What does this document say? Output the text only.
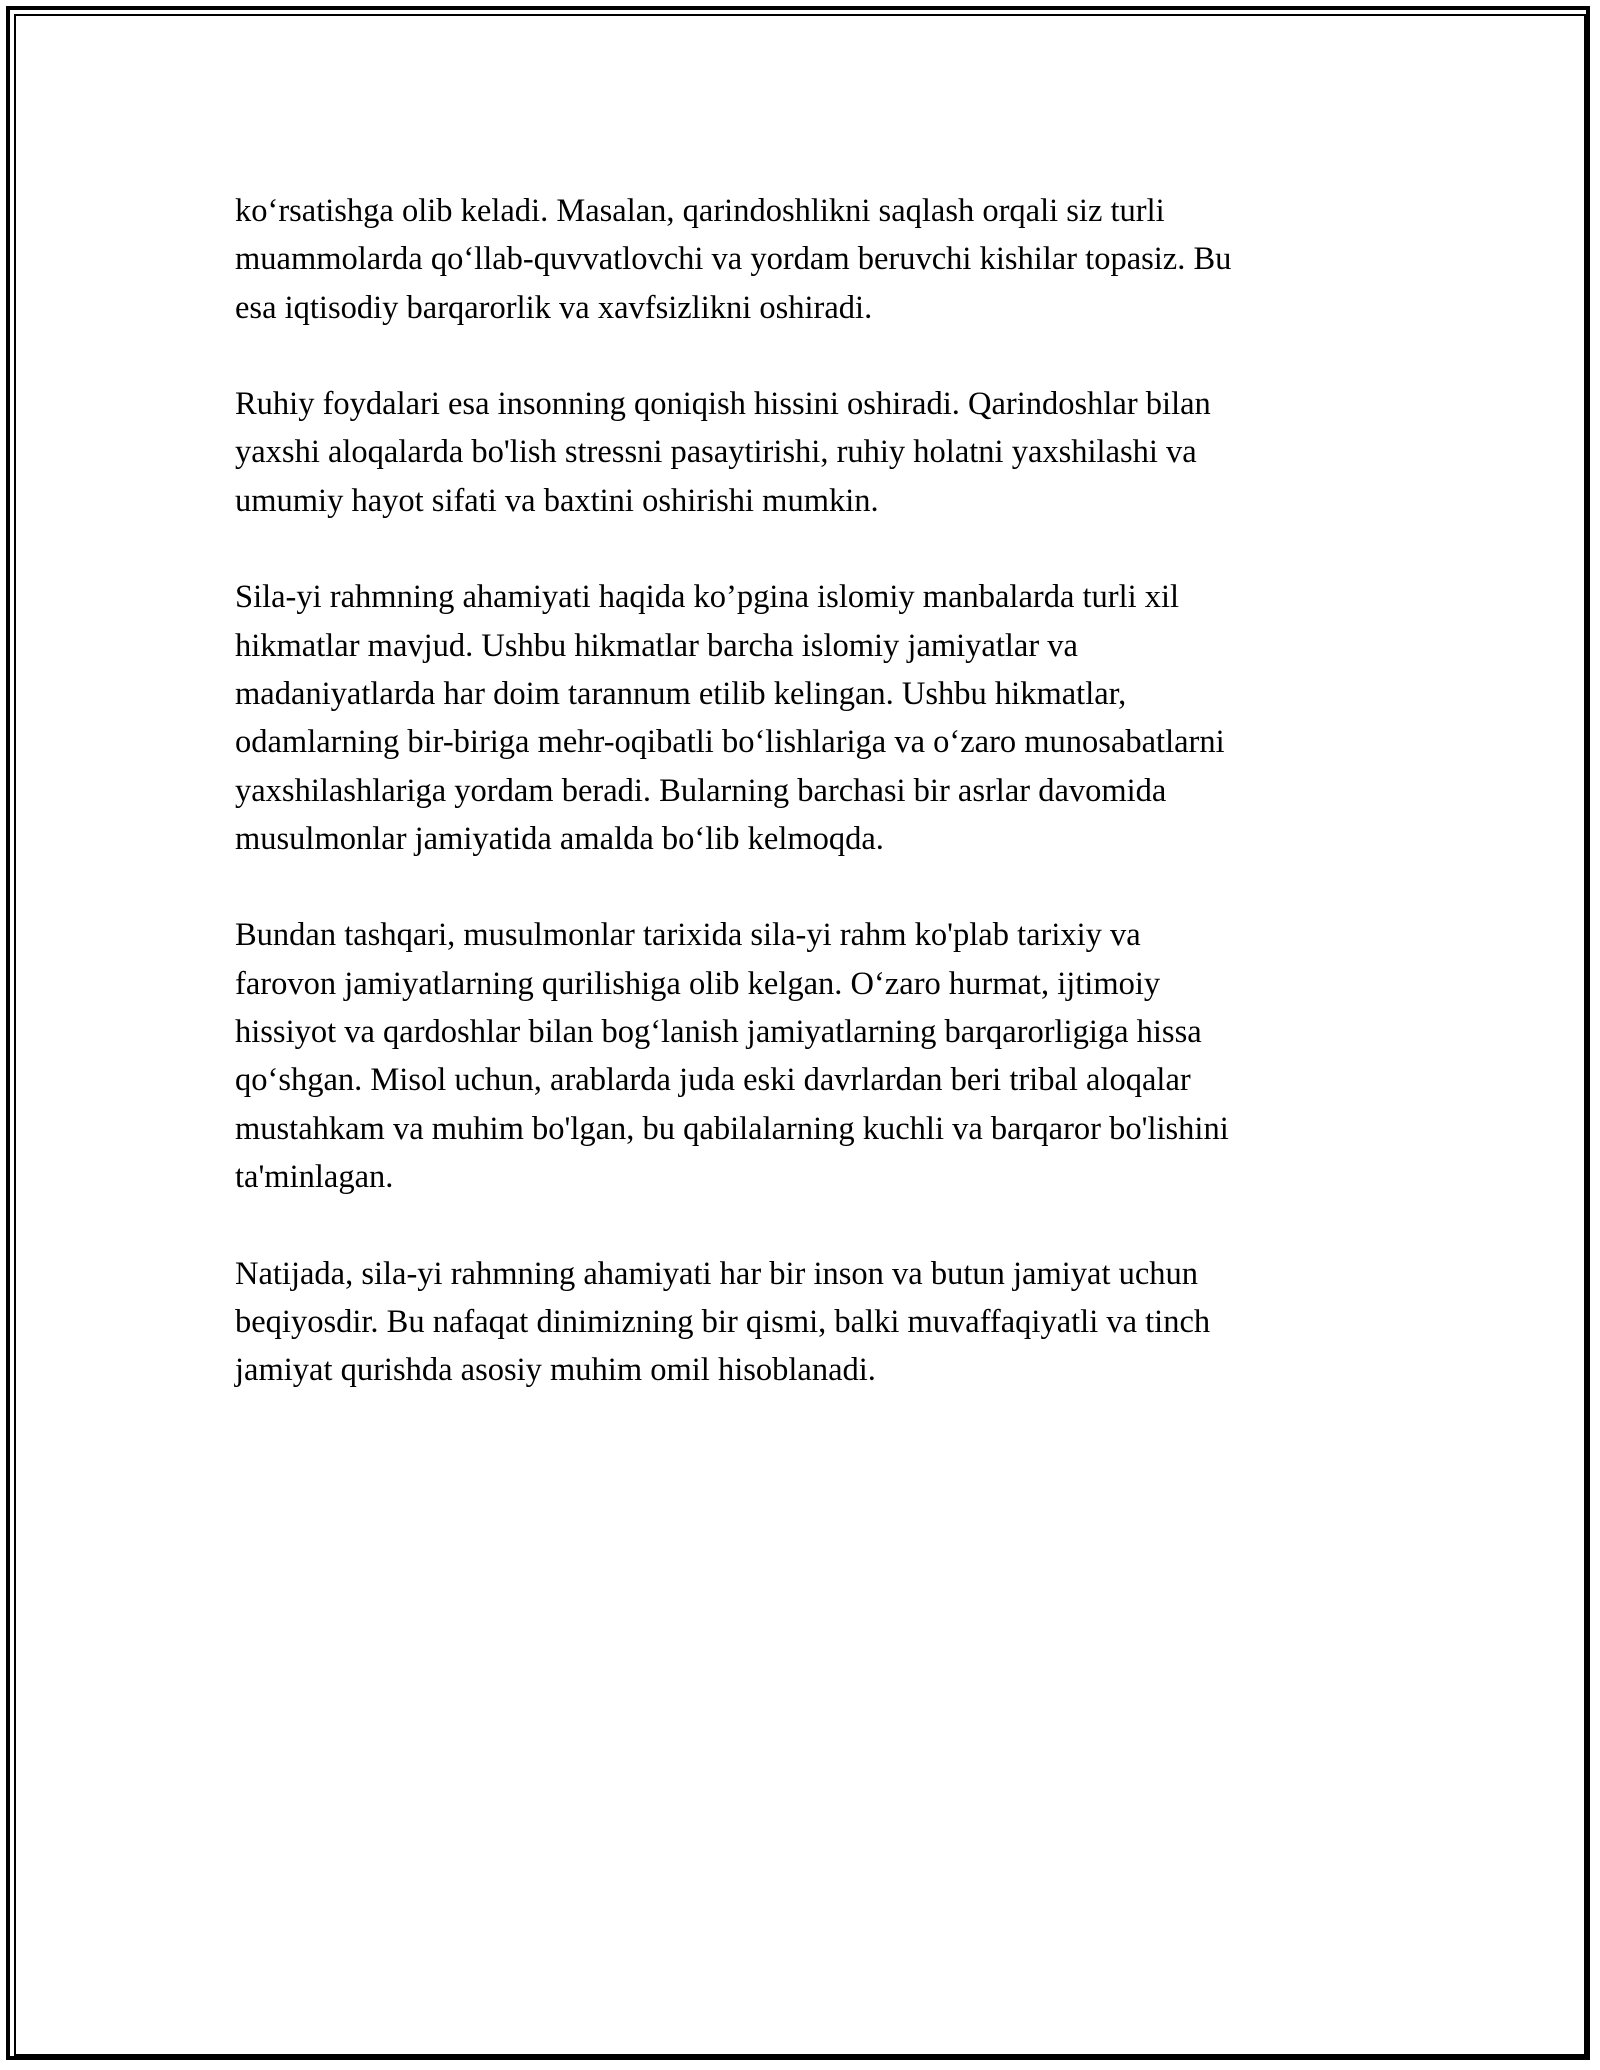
ko‘rsatishga olib keladi. Masalan, qarindoshlikni saqlash orqali siz turli
muammolarda qo‘llab-quvvatlovchi va yordam beruvchi kishilar topasiz. Bu
esa iqtisodiy barqarorlik va xavfsizlikni oshiradi.

Ruhiy foydalari esa insonning qoniqish hissini oshiradi. Qarindoshlar bilan
yaxshi aloqalarda bo'lish stressni pasaytirishi, ruhiy holatni yaxshilashi va
umumiy hayot sifati va baxtini oshirishi mumkin.

Sila-yi rahmning ahamiyati haqida ko’pgina islomiy manbalarda turli xil
hikmatlar mavjud. Ushbu hikmatlar barcha islomiy jamiyatlar va
madaniyatlarda har doim tarannum etilib kelingan. Ushbu hikmatlar,
odamlarning bir-biriga mehr-oqibatli bo‘lishlariga va o‘zaro munosabatlarni
yaxshilashlariga yordam beradi. Bularning barchasi bir asrlar davomida
musulmonlar jamiyatida amalda bo‘lib kelmoqda.

Bundan tashqari, musulmonlar tarixida sila-yi rahm ko'plab tarixiy va
farovon jamiyatlarning qurilishiga olib kelgan. O‘zaro hurmat, ijtimoiy
hissiyot va qardoshlar bilan bog‘lanish jamiyatlarning barqarorligiga hissa
qo‘shgan. Misol uchun, arablarda juda eski davrlardan beri tribal aloqalar
mustahkam va muhim bo'lgan, bu qabilalarning kuchli va barqaror bo'lishini
ta'minlagan.

Natijada, sila-yi rahmning ahamiyati har bir inson va butun jamiyat uchun
beqiyosdir. Bu nafaqat dinimizning bir qismi, balki muvaffaqiyatli va tinch
jamiyat qurishda asosiy muhim omil hisoblanadi.
